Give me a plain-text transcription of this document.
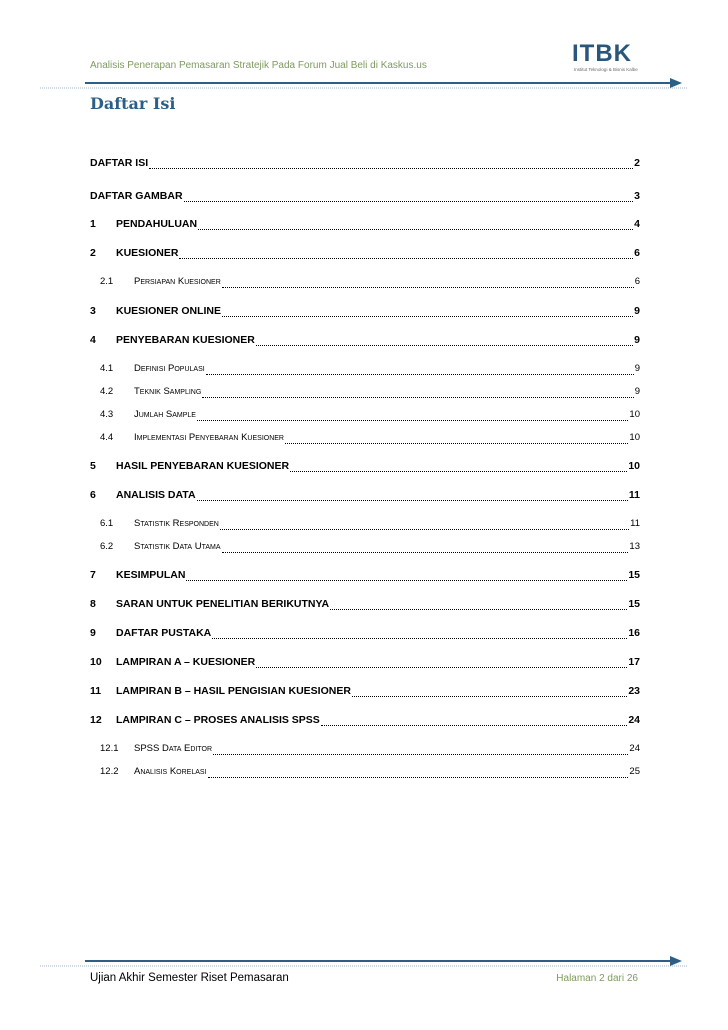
Analisis Penerapan Pemasaran Stratejik Pada Forum Jual Beli di Kaskus.us	ITBK
Institut Teknologi & Bisnis Kalbe
Daftar Isi
DAFTAR ISI	2
DAFTAR GAMBAR	3
1	PENDAHULUAN	4
2	KUESIONER	6
2.1	Persiapan Kuesioner	6
3	KUESIONER ONLINE	9
4	PENYEBARAN KUESIONER	9
4.1	Definisi Populasi	9
4.2	Teknik Sampling	9
4.3	Jumlah Sample	10
4.4	Implementasi Penyebaran Kuesioner	10
5	HASIL PENYEBARAN KUESIONER	10
6	ANALISIS DATA	11
6.1	Statistik Responden	11
6.2	Statistik Data Utama	13
7	KESIMPULAN	15
8	SARAN UNTUK PENELITIAN BERIKUTNYA	15
9	DAFTAR PUSTAKA	16
10	LAMPIRAN A – KUESIONER	17
11	LAMPIRAN B – HASIL PENGISIAN KUESIONER	23
12	LAMPIRAN C – PROSES ANALISIS SPSS	24
12.1	SPSS Data Editor	24
12.2	Analisis Korelasi	25
Ujian Akhir Semester Riset Pemasaran	Halaman 2 dari 26
